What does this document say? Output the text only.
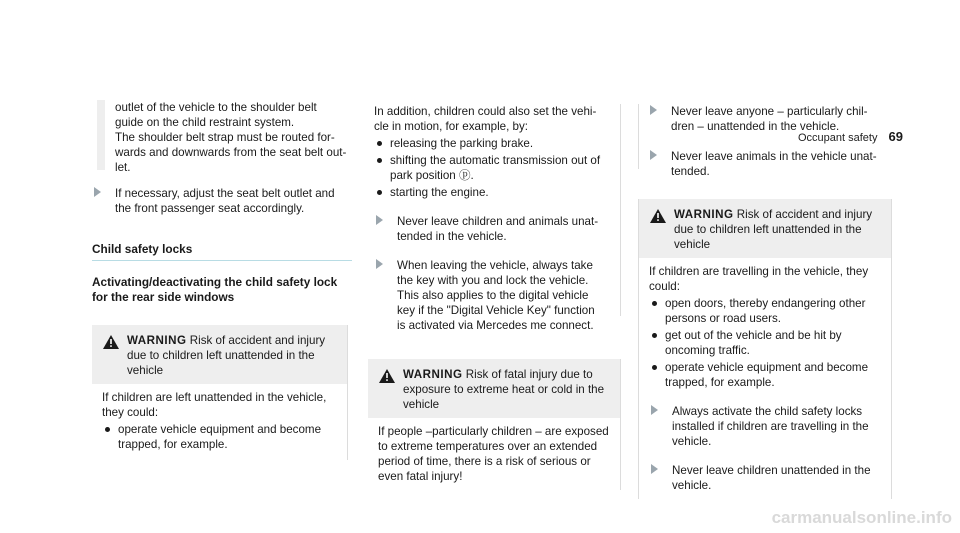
Occupant safety 69
outlet of the vehicle to the shoulder belt
guide on the child restraint system.
The shoulder belt strap must be routed for-
wards and downwards from the seat belt out-
let.
If necessary, adjust the seat belt outlet and
the front passenger seat accordingly.
Child safety locks
Activating/deactivating the child safety lock
for the rear side windows
WARNING Risk of accident and injury
due to children left unattended in the
vehicle
If children are left unattended in the vehicle,
they could:
operate vehicle equipment and become
trapped, for example.
In addition, children could also set the vehi-
cle in motion, for example, by:
releasing the parking brake.
shifting the automatic transmission out of
park position ⓟ.
starting the engine.
Never leave children and animals unat-
tended in the vehicle.
When leaving the vehicle, always take
the key with you and lock the vehicle.
This also applies to the digital vehicle
key if the "Digital Vehicle Key" function
is activated via Mercedes me connect.
WARNING Risk of fatal injury due to
exposure to extreme heat or cold in the
vehicle
If people –particularly children – are exposed
to extreme temperatures over an extended
period of time, there is a risk of serious or
even fatal injury!
Never leave anyone – particularly chil-
dren – unattended in the vehicle.
Never leave animals in the vehicle unat-
tended.
WARNING Risk of accident and injury
due to children left unattended in the
vehicle
If children are travelling in the vehicle, they
could:
open doors, thereby endangering other
persons or road users.
get out of the vehicle and be hit by
oncoming traffic.
operate vehicle equipment and become
trapped, for example.
Always activate the child safety locks
installed if children are travelling in the
vehicle.
Never leave children unattended in the
vehicle.
carmanualsonline.info
